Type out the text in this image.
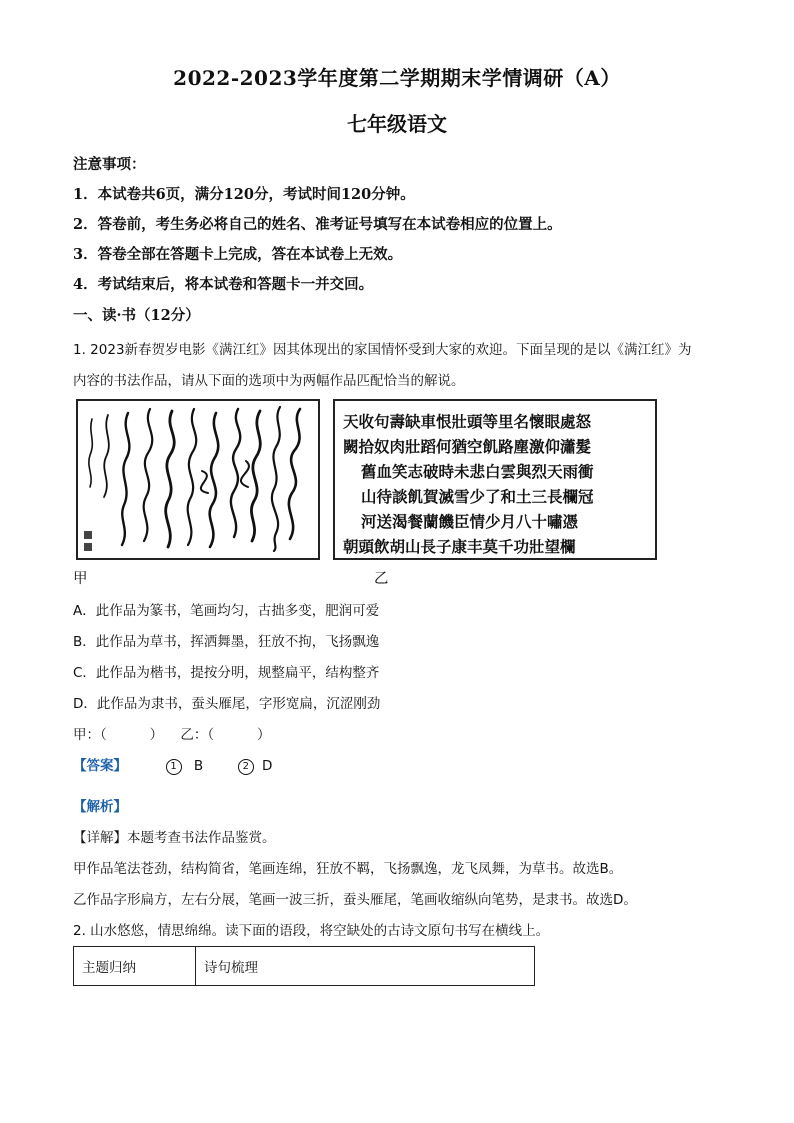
2022-2023学年度第二学期期末学情调研（A）
七年级语文
注意事项：
1．本试卷共6页，满分120分，考试时间120分钟。
2．答卷前，考生务必将自己的姓名、准考证号填写在本试卷相应的位置上。
3．答卷全部在答题卡上完成，答在本试卷上无效。
4．考试结束后，将本试卷和答题卡一并交回。
一、读·书（12分）
1. 2023新春贺岁电影《满江红》因其体现出的家国情怀受到大家的欢迎。下面呈现的是以《满江红》为
内容的书法作品，请从下面的选项中为两幅作品匹配恰当的解说。
天收句壽缺車恨壯頭等里名懷眼處怒
闕拾奴肉壯蹈何猶空飢路塵激仰瀟髮
舊血笑志破時未悲白雲與烈天雨衝
山待談飢賀滅雪少了和土三長欄冠
河送渴餐蘭饑臣情少月八十嘯憑
朝頭飲胡山長子康丰莫千功壯望欄
甲	乙
A．此作品为篆书，笔画均匀，古拙多变，肥润可爱
B．此作品为草书，挥洒舞墨，狂放不拘，飞扬飘逸
C．此作品为楷书，提按分明，规整扁平，结构整齐
D．此作品为隶书，蚕头雁尾，字形宽扁，沉涩刚劲
甲：（          ）    乙：（          ）
【答案】	1 B	2 D
【解析】
【详解】本题考查书法作品鉴赏。
甲作品笔法苍劲，结构简省，笔画连绵，狂放不羁，飞扬飘逸，龙飞凤舞，为草书。故选B。
乙作品字形扁方，左右分展，笔画一波三折，蚕头雁尾，笔画收缩纵向笔势，是隶书。故选D。
2. 山水悠悠，情思绵绵。读下面的语段，将空缺处的古诗文原句书写在横线上。
主题归纳	诗句梳理
